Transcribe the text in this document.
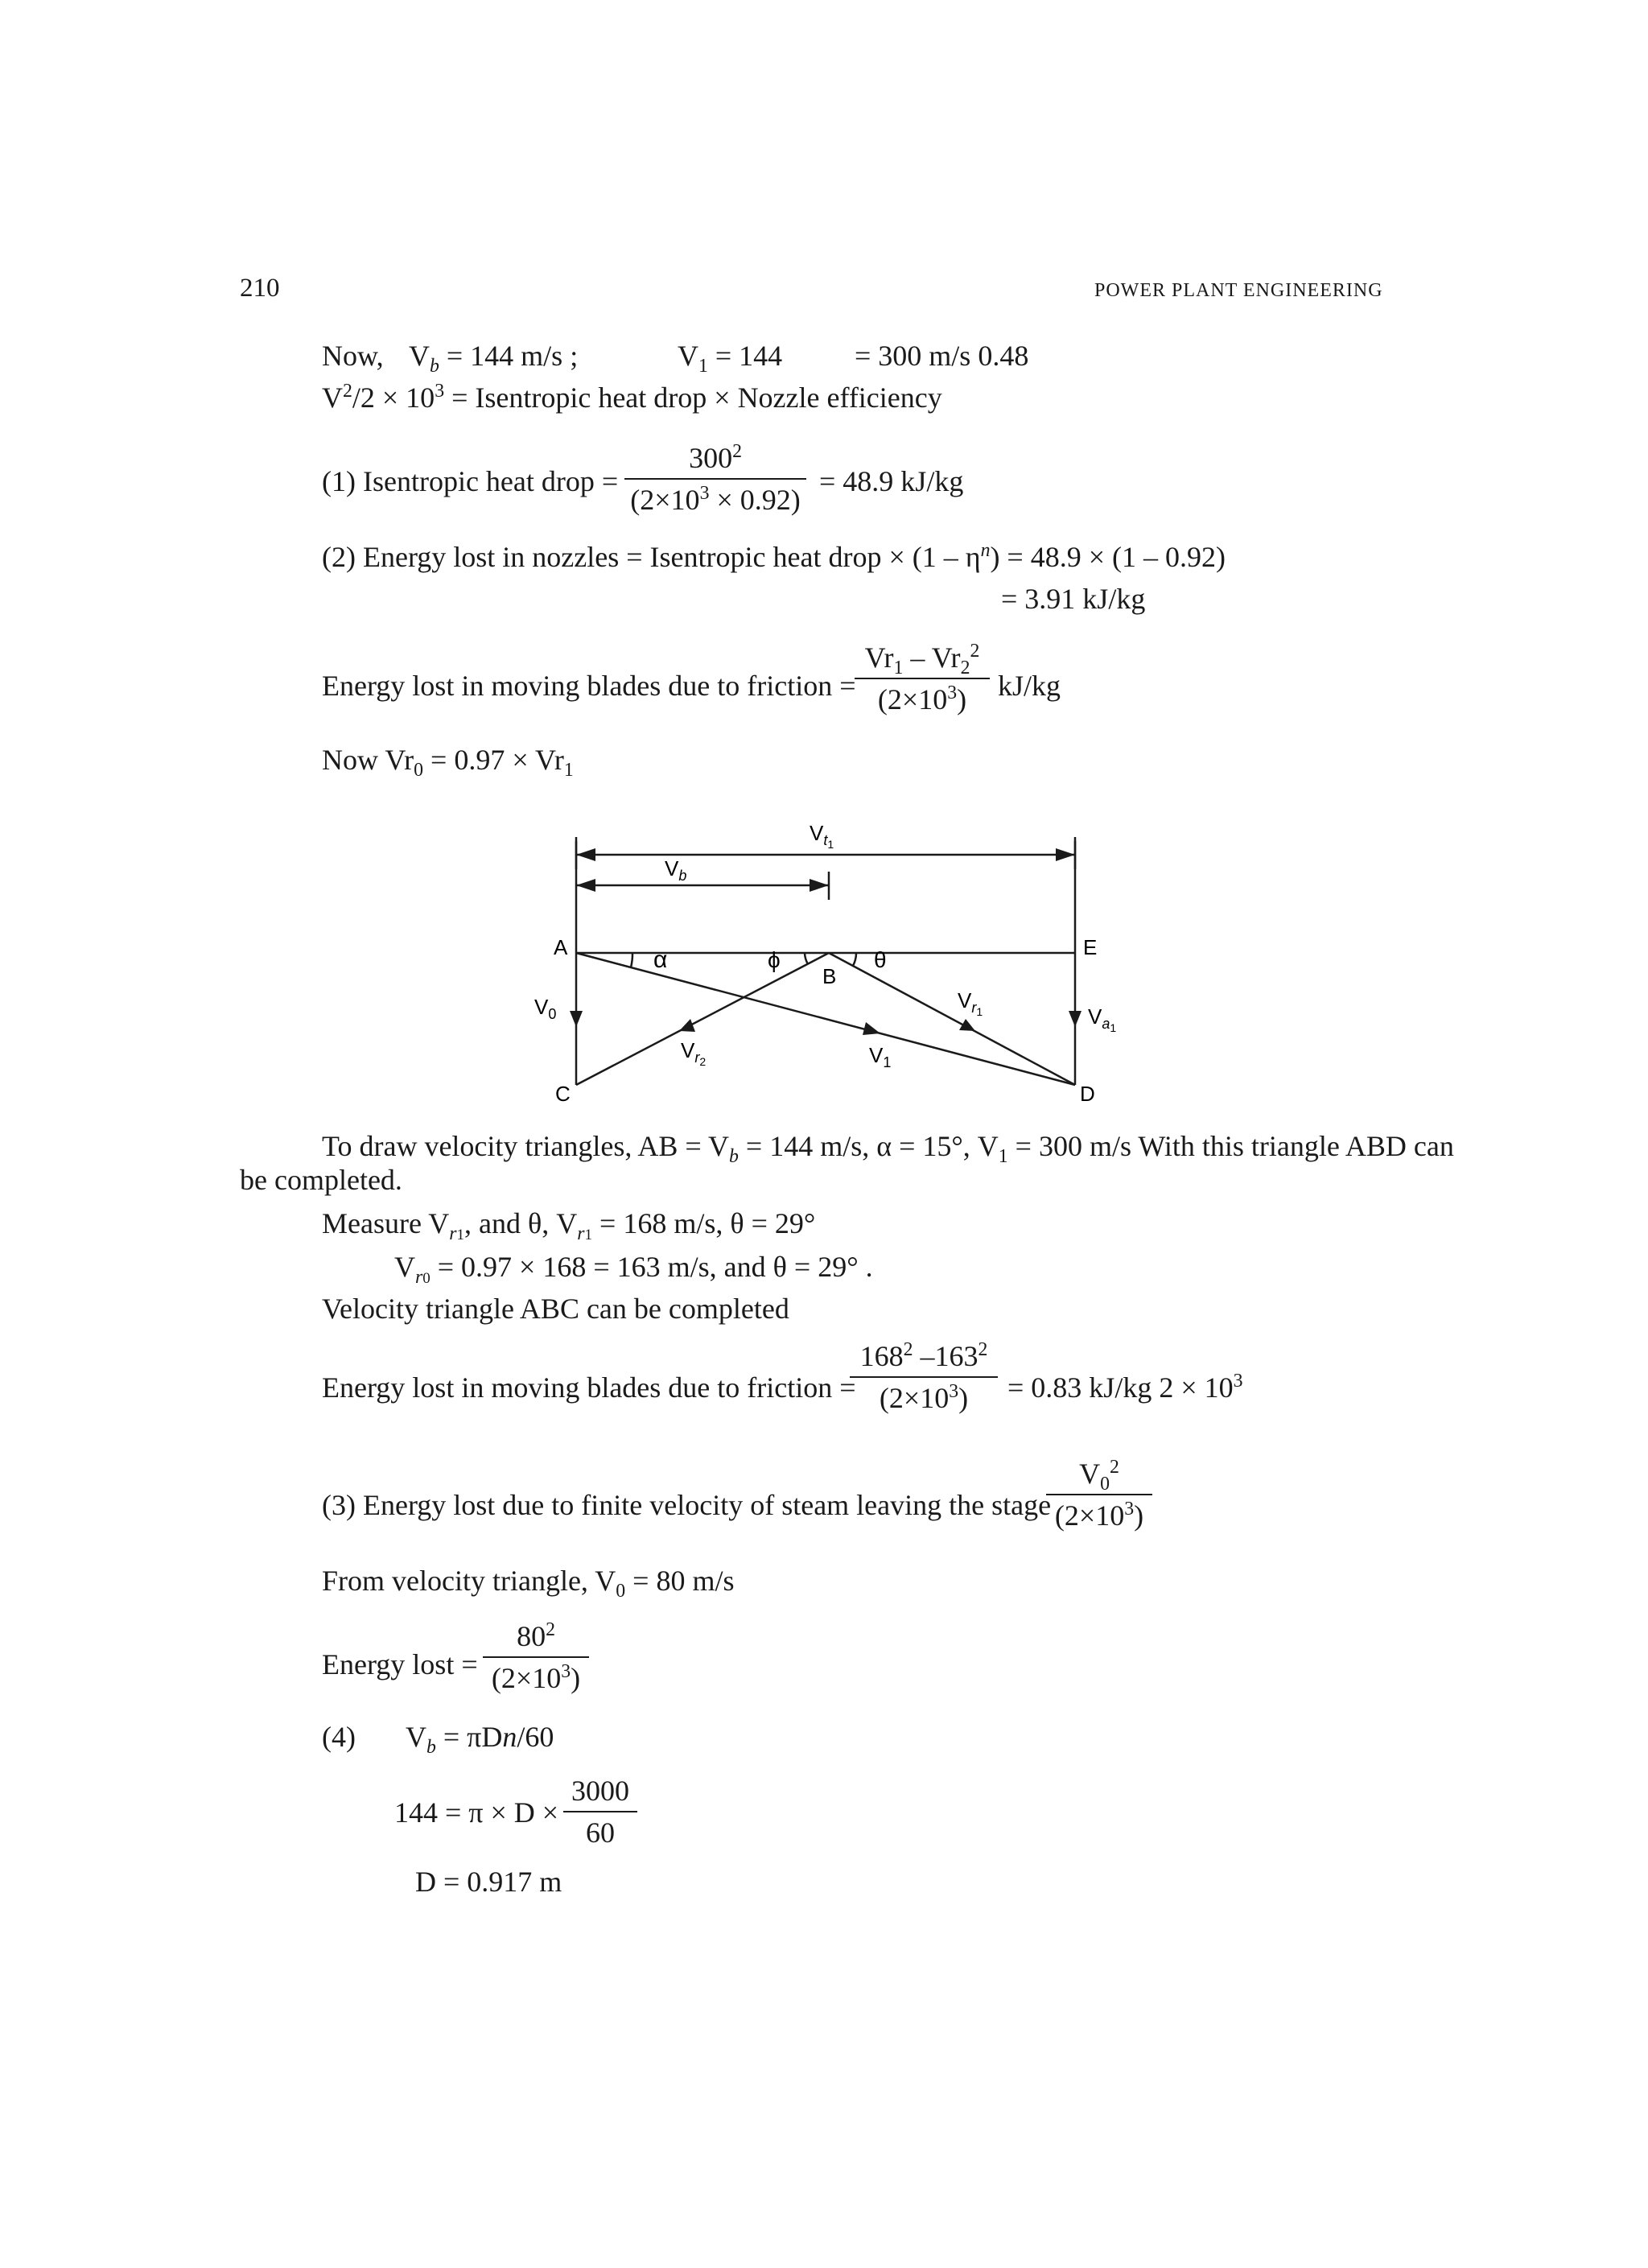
210	POWER PLANT ENGINEERING
Now, $V_b = 144$ m/s ;	$V_1 = 144 = 300$ m/s 0.48
$V^2/2 \times 10^3$ = Isentropic heat drop × Nozzle efficiency
(1) Isentropic heat drop = $\frac{300^2}{(2\times 10^3 \times 0.92)} = 48.9$ kJ/kg
(2) Energy lost in nozzles = Isentropic heat drop × $(1 - \eta^n) = 48.9 \times (1 - 0.92)$
= 3.91 kJ/kg
Energy lost in moving blades due to friction =
$\frac{Vr_1 - Vr_2^2}{(2\times 10^3)} kJ/kg$
Now $Vr_0 = 0.97 \times Vr_1$
$V_t1$
$V_b$
A
B
C	D
E
α	ϕ	θ
$V_0$
$V_r1$	$V_a1$
$V_r2$	$V_1$
To draw velocity triangles, AB = $V_b = 144$ m/s, α = 15°, $V_1 = 300$ m/s With this triangle ABD can
be completed.
Measure $V_{r1}$, and θ, $V_{r1} = 168$ m/s, θ = 29°
$V_{r0} = 0.97 \times 168 = 163$ m/s, and θ = 29° .
Velocity triangle ABC can be completed
Energy lost in moving blades due to friction =
$\frac{168^2 -163^2}{(2\times 10^3)} = 0.83$ kJ/kg $2 \times 10^3$
(3) Energy lost due to finite velocity of steam leaving the stage
$\frac{V_0^2}{(2\times 10^3)}$
From velocity triangle, $V_0 = 80$ m/s
Energy lost = $\frac{80^2}{(2\times 10^3)}$
(4) $V_b = \pi Dn/60$
$144 = \pi \times D \times \frac{3000}{60}$
D = 0.917 m
